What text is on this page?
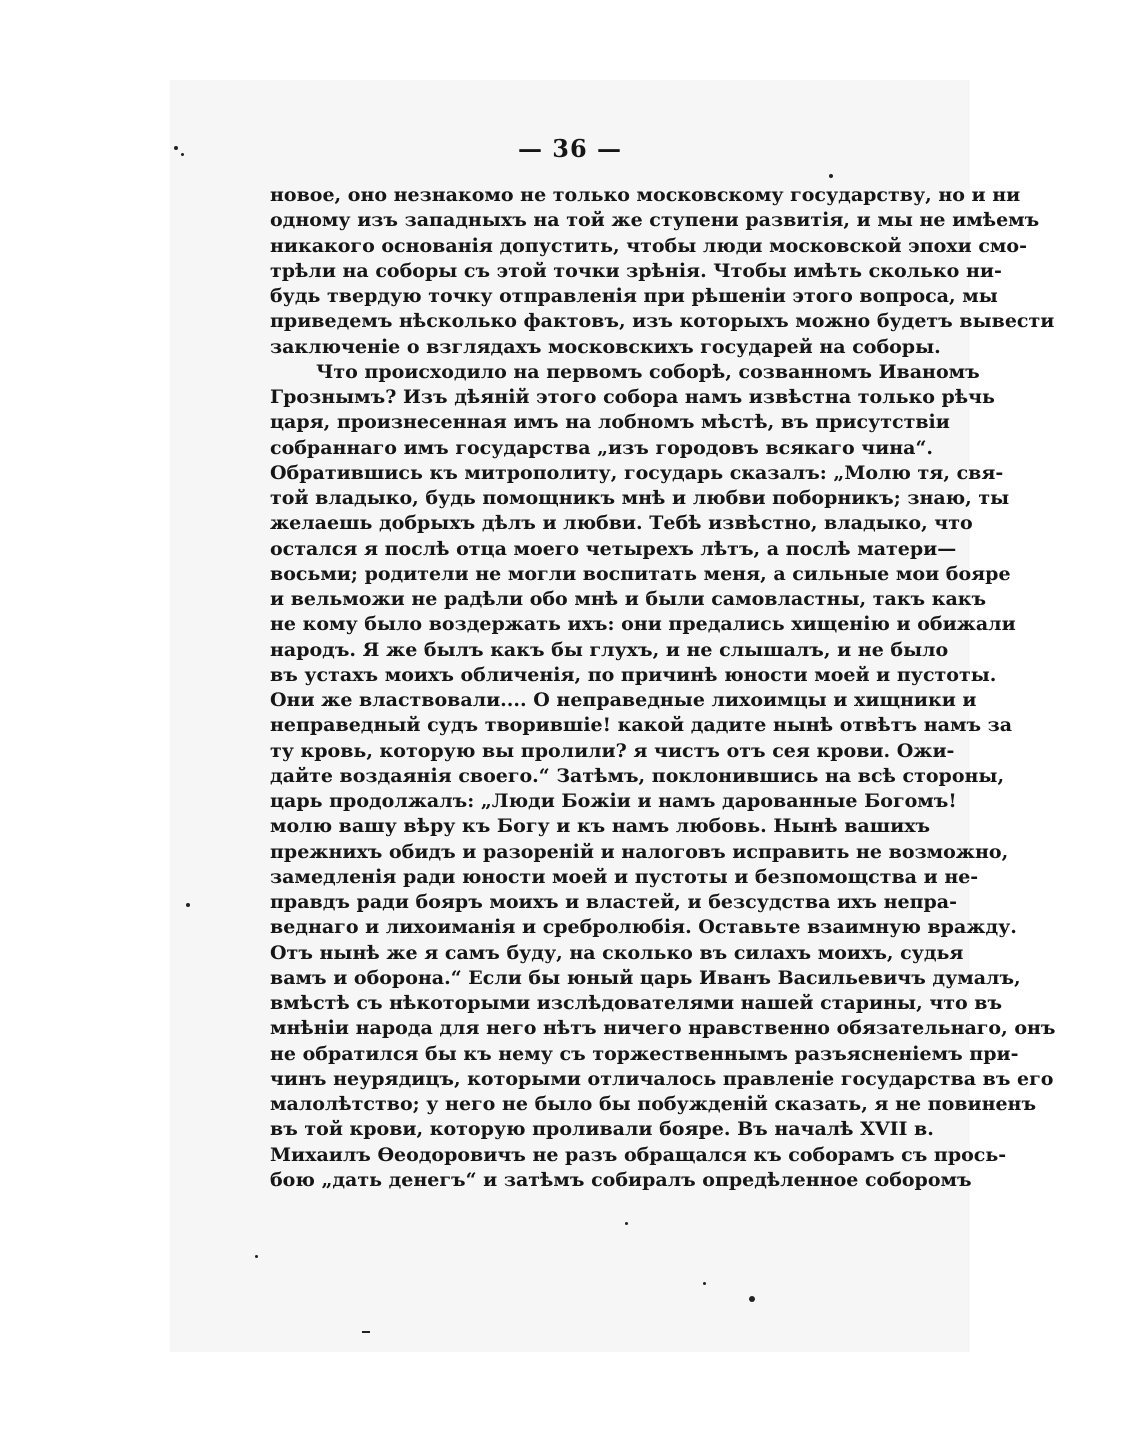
— 36 —
новое, оно незнакомо не только московскому государству, но и ни
одному изъ западныхъ на той же ступени развитія, и мы не имѣемъ
никакого основанія допустить, чтобы люди московской эпохи смо-
трѣли на соборы съ этой точки зрѣнія. Чтобы имѣть сколько ни-
будь твердую точку отправленія при рѣшеніи этого вопроса, мы
приведемъ нѣсколько фактовъ, изъ которыхъ можно будетъ вывести
заключеніе о взглядахъ московскихъ государей на соборы.
Что происходило на первомъ соборѣ, созванномъ Иваномъ
Грознымъ? Изъ дѣяній этого собора намъ извѣстна только рѣчь
царя, произнесенная имъ на лобномъ мѣстѣ, въ присутствіи
собраннаго имъ государства „изъ городовъ всякаго чина“.
Обратившись къ митрополиту, государь сказалъ: „Молю тя, свя-
той владыко, будь помощникъ мнѣ и любви поборникъ; знаю, ты
желаешь добрыхъ дѣлъ и любви. Тебѣ извѣстно, владыко, что
остался я послѣ отца моего четырехъ лѣтъ, а послѣ матери—
восьми; родители не могли воспитать меня, а сильные мои бояре
и вельможи не радѣли обо мнѣ и были самовластны, такъ какъ
не кому было воздержать ихъ: они предались хищенію и обижали
народъ. Я же былъ какъ бы глухъ, и не слышалъ, и не было
въ устахъ моихъ обличенія, по причинѣ юности моей и пустоты.
Они же властвовали.... О неправедные лихоимцы и хищники и
неправедный судъ творившіе! какой дадите нынѣ отвѣтъ намъ за
ту кровь, которую вы пролили? я чистъ отъ сея крови. Ожи-
дайте воздаянія своего.“ Затѣмъ, поклонившись на всѣ стороны,
царь продолжалъ: „Люди Божіи и намъ дарованные Богомъ!
молю вашу вѣру къ Богу и къ намъ любовь. Нынѣ вашихъ
прежнихъ обидъ и разореній и налоговъ исправить не возможно,
замедленія ради юности моей и пустоты и безпомощства и не-
правдъ ради бояръ моихъ и властей, и безсудства ихъ непра-
веднаго и лихоиманія и сребролюбія. Оставьте взаимную вражду.
Отъ нынѣ же я самъ буду, на сколько въ силахъ моихъ, судья
вамъ и оборона.“ Если бы юный царь Иванъ Васильевичъ думалъ,
вмѣстѣ съ нѣкоторыми изслѣдователями нашей старины, что въ
мнѣніи народа для него нѣтъ ничего нравственно обязательнаго, онъ
не обратился бы къ нему съ торжественнымъ разъясненіемъ при-
чинъ неурядицъ, которыми отличалось правленіе государства въ его
малолѣтство; у него не было бы побужденій сказать, я не повиненъ
въ той крови, которую проливали бояре. Въ началѣ XVII в.
Михаилъ Ѳеодоровичъ не разъ обращался къ соборамъ съ прось-
бою „дать денегъ“ и затѣмъ собиралъ опредѣленное соборомъ
